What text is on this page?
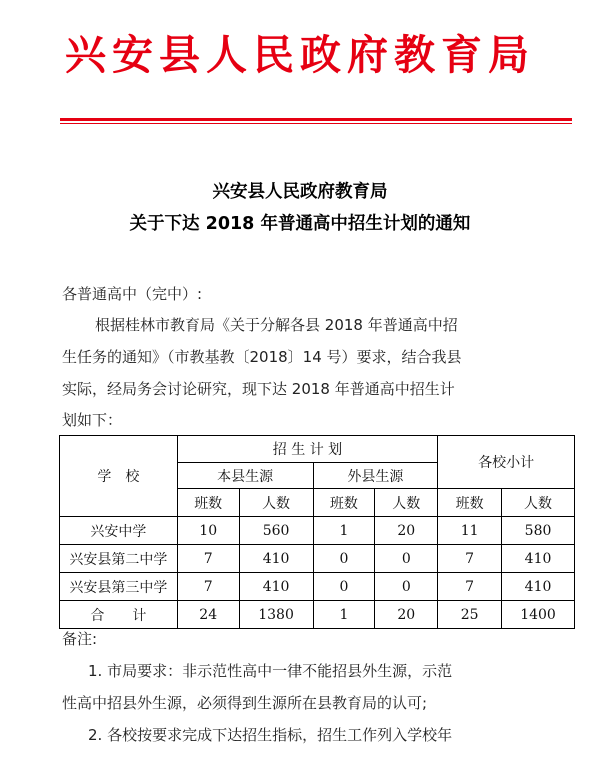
兴安县人民政府教育局
兴安县人民政府教育局
关于下达 2018 年普通高中招生计划的通知
各普通高中（完中）:
根据桂林市教育局《关于分解各县 2018 年普通高中招
生任务的通知》（市教基教〔2018〕14 号）要求，结合我县
实际，经局务会讨论研究，现下达 2018 年普通高中招生计
划如下：
学　校	招 生 计 划				各校小计	
	本县生源		外县生源			
	班数	人数	班数	人数	班数	人数
兴安中学	10	560	1	20	11	580
兴安县第二中学	7	410	0	0	7	410
兴安县第三中学	7	410	0	0	7	410
合　　计	24	1380	1	20	25	1400
备注:
1. 市局要求：非示范性高中一律不能招县外生源，示范
性高中招县外生源，必须得到生源所在县教育局的认可;
2. 各校按要求完成下达招生指标，招生工作列入学校年
